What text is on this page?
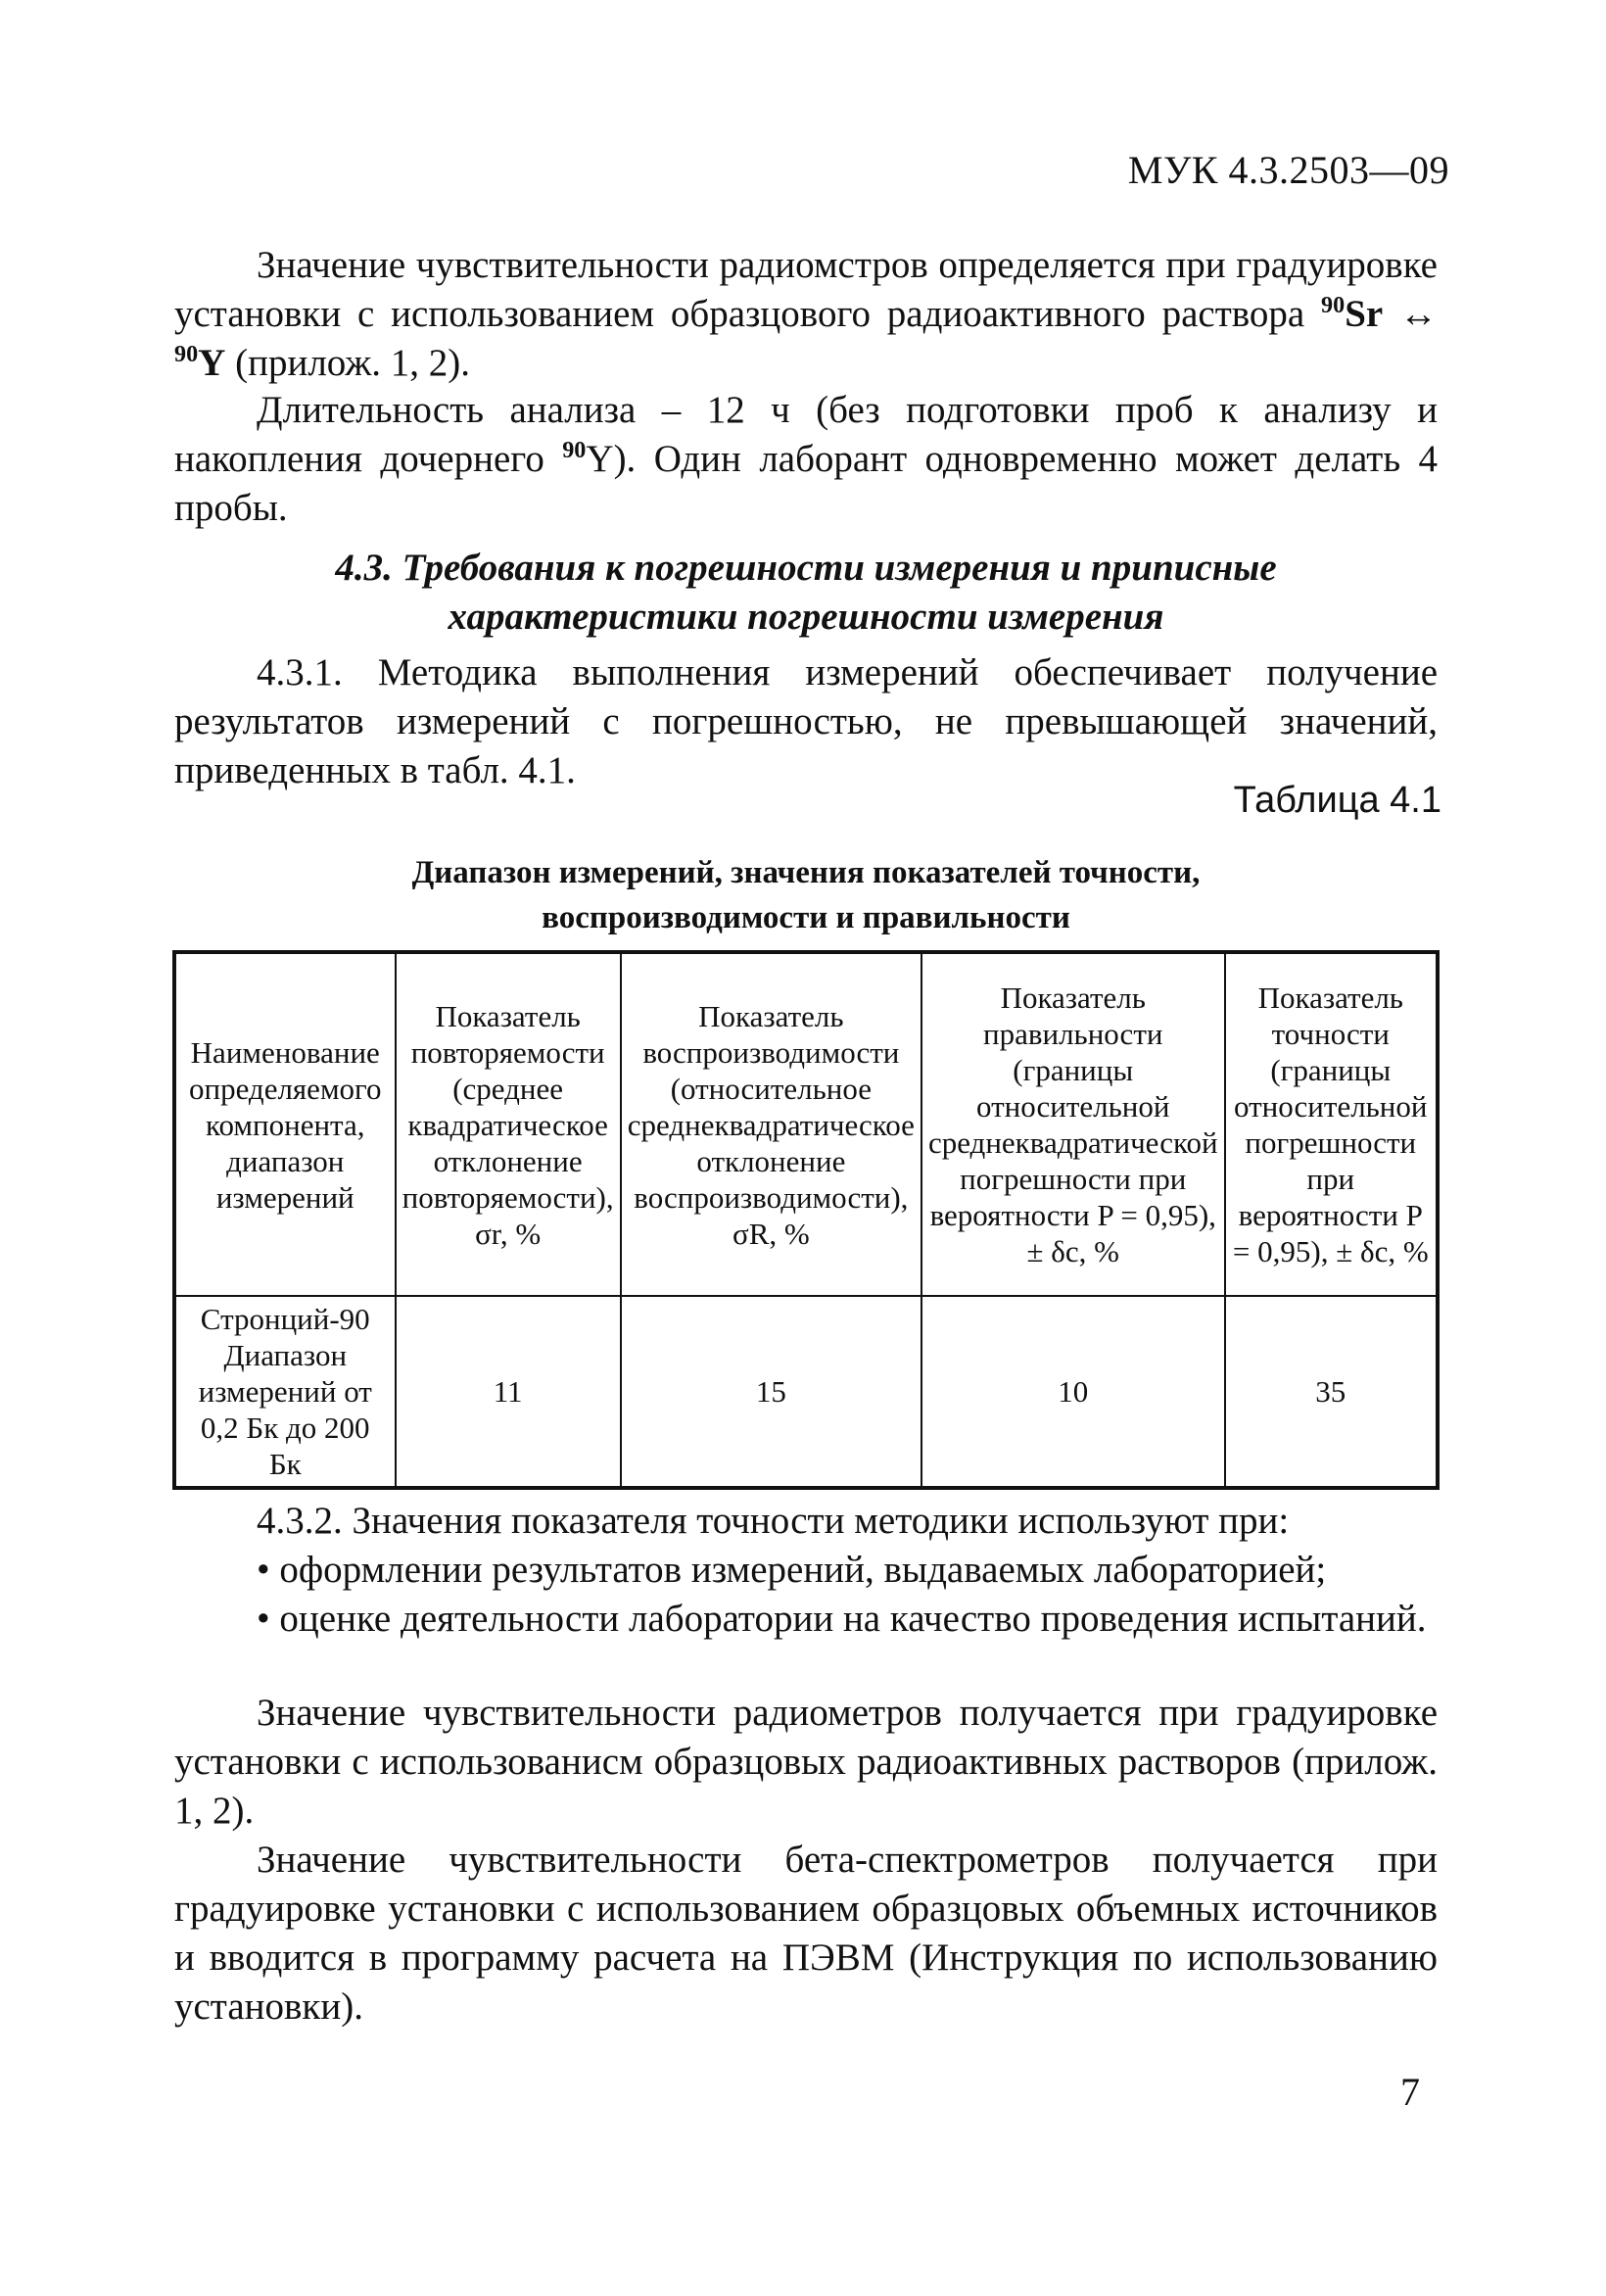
МУК 4.3.2503—09

Значение чувствительности радиомстров определяется при градуировке установки с использованием образцового радиоактивного раствора $^{90}$Sr ↔ $^{90}$Y (прилож. 1, 2).

Длительность анализа – 12 ч (без подготовки проб к анализу и накопления дочернего $^{90}$Y). Один лаборант одновременно может делать 4 пробы.

4.3. Требования к погрешности измерения и приписные
характеристики погрешности измерения

4.3.1. Методика выполнения измерений обеспечивает получение результатов измерений с погрешностью, не превышающей значений, приведенных в табл. 4.1.

Таблица 4.1
Диапазон измерений, значения показателей точности,
воспроизводимости и правильности
Наименование определяемого компонента, диапазон измерений	Показатель повторяемости (среднее квадратическое отклонение повторяемости), σr, %	Показатель воспроизводимости (относительное среднеквадратическое отклонение воспроизводимости), σR, %	Показатель правильности (границы относительной среднеквадратической погрешности при вероятности P = 0,95), ± δc, %	Показатель точности (границы относительной погрешности при вероятности P = 0,95), ± δc, %
Стронций-90 Диапазон измерений от 0,2 Бк до 200 Бк	11	15	10	35

4.3.2. Значения показателя точности методики используют при:

• оформлении результатов измерений, выдаваемых лабораторией;

• оценке деятельности лаборатории на качество проведения испытаний.

Значение чувствительности радиометров получается при градуировке установки с использованисм образцовых радиоактивных растворов (прилож. 1, 2).

Значение чувствительности бета-спектрометров получается при градуировке установки с использованием образцовых объемных источников и вводится в программу расчета на ПЭВМ (Инструкция по использованию установки).

7
